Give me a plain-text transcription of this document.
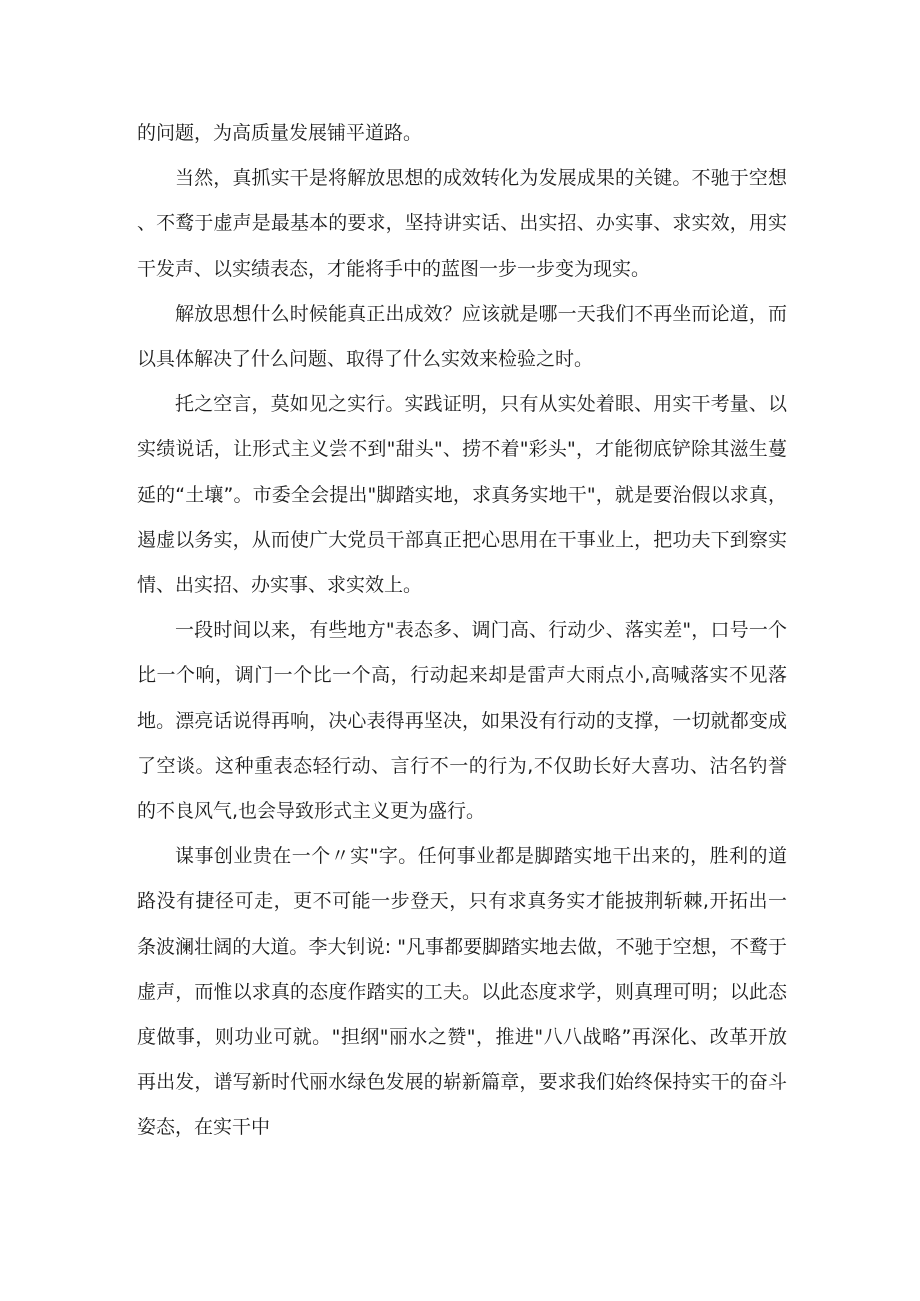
的问题，为高质量发展铺平道路。

当然，真抓实干是将解放思想的成效转化为发展成果的关键。不驰于空想、不鹜于虚声是最基本的要求，坚持讲实话、出实招、办实事、求实效，用实干发声、以实绩表态，才能将手中的蓝图一步一步变为现实。

解放思想什么时候能真正出成效？应该就是哪一天我们不再坐而论道，而以具体解决了什么问题、取得了什么实效来检验之时。

托之空言，莫如见之实行。实践证明，只有从实处着眼、用实干考量、以实绩说话，让形式主义尝不到"甜头"、捞不着"彩头"，才能彻底铲除其滋生蔓延的“土壤”。市委全会提出"脚踏实地，求真务实地干"，就是要治假以求真，遏虚以务实，从而使广大党员干部真正把心思用在干事业上，把功夫下到察实情、出实招、办实事、求实效上。

一段时间以来，有些地方"表态多、调门高、行动少、落实差"，口号一个比一个响，调门一个比一个高，行动起来却是雷声大雨点小,高喊落实不见落地。漂亮话说得再响，决心表得再坚决，如果没有行动的支撑，一切就都变成了空谈。这种重表态轻行动、言行不一的行为,不仅助长好大喜功、沽名钓誉的不良风气,也会导致形式主义更为盛行。

谋事创业贵在一个〃实"字。任何事业都是脚踏实地干出来的，胜利的道路没有捷径可走，更不可能一步登天，只有求真务实才能披荆斩棘,开拓出一条波澜壮阔的大道。李大钊说: "凡事都要脚踏实地去做，不驰于空想，不鹜于虚声，而惟以求真的态度作踏实的工夫。以此态度求学，则真理可明；以此态度做事，则功业可就。"担纲"丽水之赞"，推进"八八战略”再深化、改革开放再出发，谱写新时代丽水绿色发展的崭新篇章，要求我们始终保持实干的奋斗姿态，在实干中
